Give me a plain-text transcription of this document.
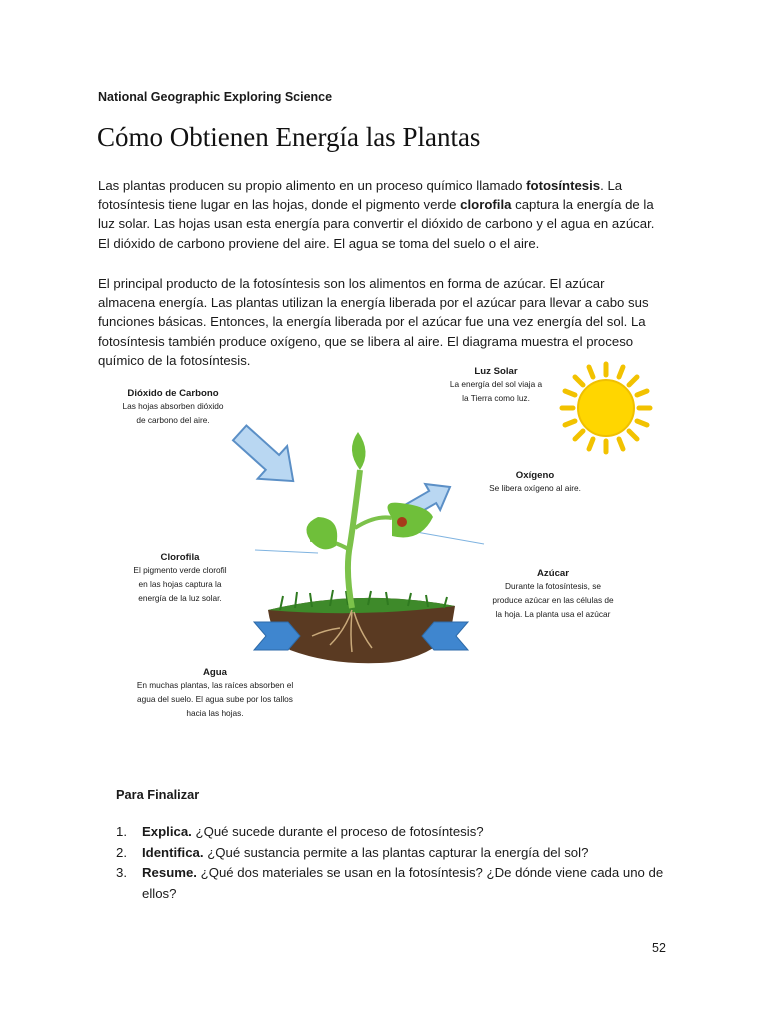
National Geographic Exploring Science
Cómo Obtienen Energía las Plantas

Las plantas producen su propio alimento en un proceso químico llamado fotosíntesis. La fotosíntesis tiene lugar en las hojas, donde el pigmento verde clorofila captura la energía de la luz solar. Las hojas usan esta energía para convertir el dióxido de carbono y el agua en azúcar. El dióxido de carbono proviene del aire. El agua se toma del suelo o el aire.

El principal producto de la fotosíntesis son los alimentos en forma de azúcar. El azúcar almacena energía. Las plantas utilizan la energía liberada por el azúcar para llevar a cabo sus funciones básicas. Entonces, la energía liberada por el azúcar fue una vez energía del sol. La fotosíntesis también produce oxígeno, que se libera al aire. El diagrama muestra el proceso químico de la fotosíntesis.

Luz Solar
La energía del sol viaja a
la Tierra como luz.
Dióxido de Carbono
Las hojas absorben dióxido
de carbono del aire.
Oxígeno
Se libera oxígeno al aire.
Clorofila
El pigmento verde clorofil
en las hojas captura la
energía de la luz solar.
Azúcar
Durante la fotosíntesis, se
produce azúcar en las células de
la hoja. La planta usa el azúcar
Agua
En muchas plantas, las raíces absorben el
agua del suelo. El agua sube por los tallos
hacia las hojas.
Para Finalizar
1. Explica. ¿Qué sucede durante el proceso de fotosíntesis?
2. Identifica. ¿Qué sustancia permite a las plantas capturar la energía del sol?
3. Resume. ¿Qué dos materiales se usan en la fotosíntesis? ¿De dónde viene cada uno de ellos?
52
